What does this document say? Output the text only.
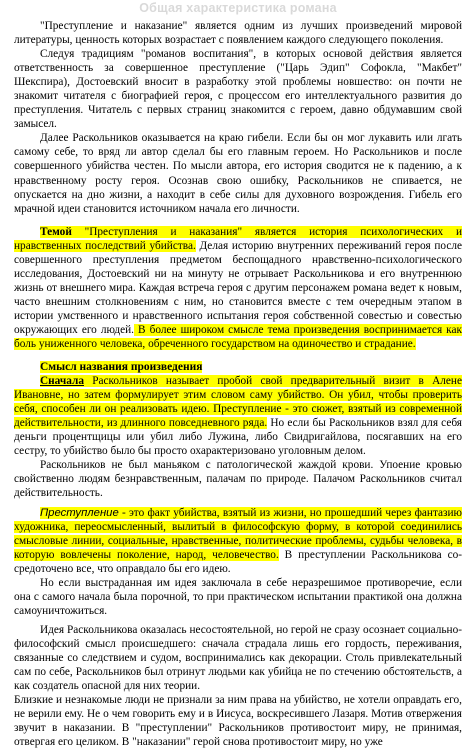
Общая характеристика романа

"Преступление и наказание" является одним из лучших произведений мировой литературы, ценность которых возрастает с появлением каждого следующего поколения.

Следуя традициям "романов воспитания", в которых основой действия является ответственность за совершенное преступление ("Царь Эдип" Софокла, "Макбет" Шекспира), Достоевский вносит в разработку этой проблемы новшество: он почти не знакомит читателя с биографией героя, с процессом его интеллектуального развития до преступления. Читатель с первых страниц знакомится с героем, давно обдумавшим свой замысел.

Далее Раскольников оказывается на краю гибели. Если бы он мог лукавить или лгать самому себе, то вряд ли автор сделал бы его главным героем. Но Раскольников и после совершенного убийства честен. По мысли автора, его история сводится не к падению, а к нравственному росту героя. Осознав свою ошибку, Раскольников не спивается, не опускается на дно жизни, а находит в себе силы для духовного возрождения. Гибель его мрачной идеи становится источником начала его личности.

Темой "Преступления и наказания" является история психологических и нравственных последствий убийства. Делая историю внутренних переживаний героя после совершенного преступления предметом беспощадного нравственно-психологического исследования, Достоевский ни на минуту не отрывает Раскольникова и его внутреннюю жизнь от внешнего мира. Каждая встреча героя с другим персонажем романа ведет к новым, часто внешним столкновениям с ним, но становится вместе с тем очередным этапом в истории умственного и нравственного испытания героя собственной совестью и совестью окружающих его людей. В более широком смысле тема произведения воспринимается как боль униженного человека, обреченного государством на одиночество и страдание.

Смысл названия произведения

Сначала Раскольников называет пробой свой предварительный визит в Алене Ивановне, но затем формулирует этим словом саму убийство. Он убил, чтобы проверить себя, способен ли он реализовать идею. Преступление - это сюжет, взятый из современной действительности, из длинного повседневного ряда. Но если бы Раскольников взял для себя деньги процентщицы или убил либо Лужина, либо Свидригайлова, посягавших на его сестру, то убийство было бы просто охарактеризовано уголовным делом.

Раскольников не был маньяком с патологической жаждой крови. Упоение кровью свойственно людям безнравственным, палачам по природе. Палачом Раскольников считал действительность.

Преступление - это факт убийства, взятый из жизни, но прошедший через фантазию художника, переосмысленный, вылитый в философскую форму, в которой соединились смысловые линии, социальные, нравственные, политические проблемы, судьбы человека, в которую вовлечены поколение, народ, человечество. В преступлении Раскольникова со-средоточено все, что оправдало бы его идею.

Но если выстраданная им идея заключала в себе неразрешимое противоречие, если она с самого начала была порочной, то при практическом испытании практикой она должна самоуничтожиться.

Идея Раскольникова оказалась несостоятельной, но герой не сразу осознает социально-философский смысл происшедшего: сначала страдала лишь его гордость, переживания, связанные со следствием и судом, воспринимались как декорации. Столь привлекательный сам по себе, Раскольников был отринут людьми как убийца не по стечению обстоятельств, а как создатель опасной для них теории.

Близкие и незнакомые люди не признали за ним права на убийство, не хотели оправдать его, не верили ему. Не о чем говорить ему и в Иисуса, воскресившего Лазаря. Мотив отвержения звучит в наказании. В "преступлении" Раскольников противостоит миру, не принимая, отвергая его целиком. В "наказании" герой снова противостоит миру, но уже
